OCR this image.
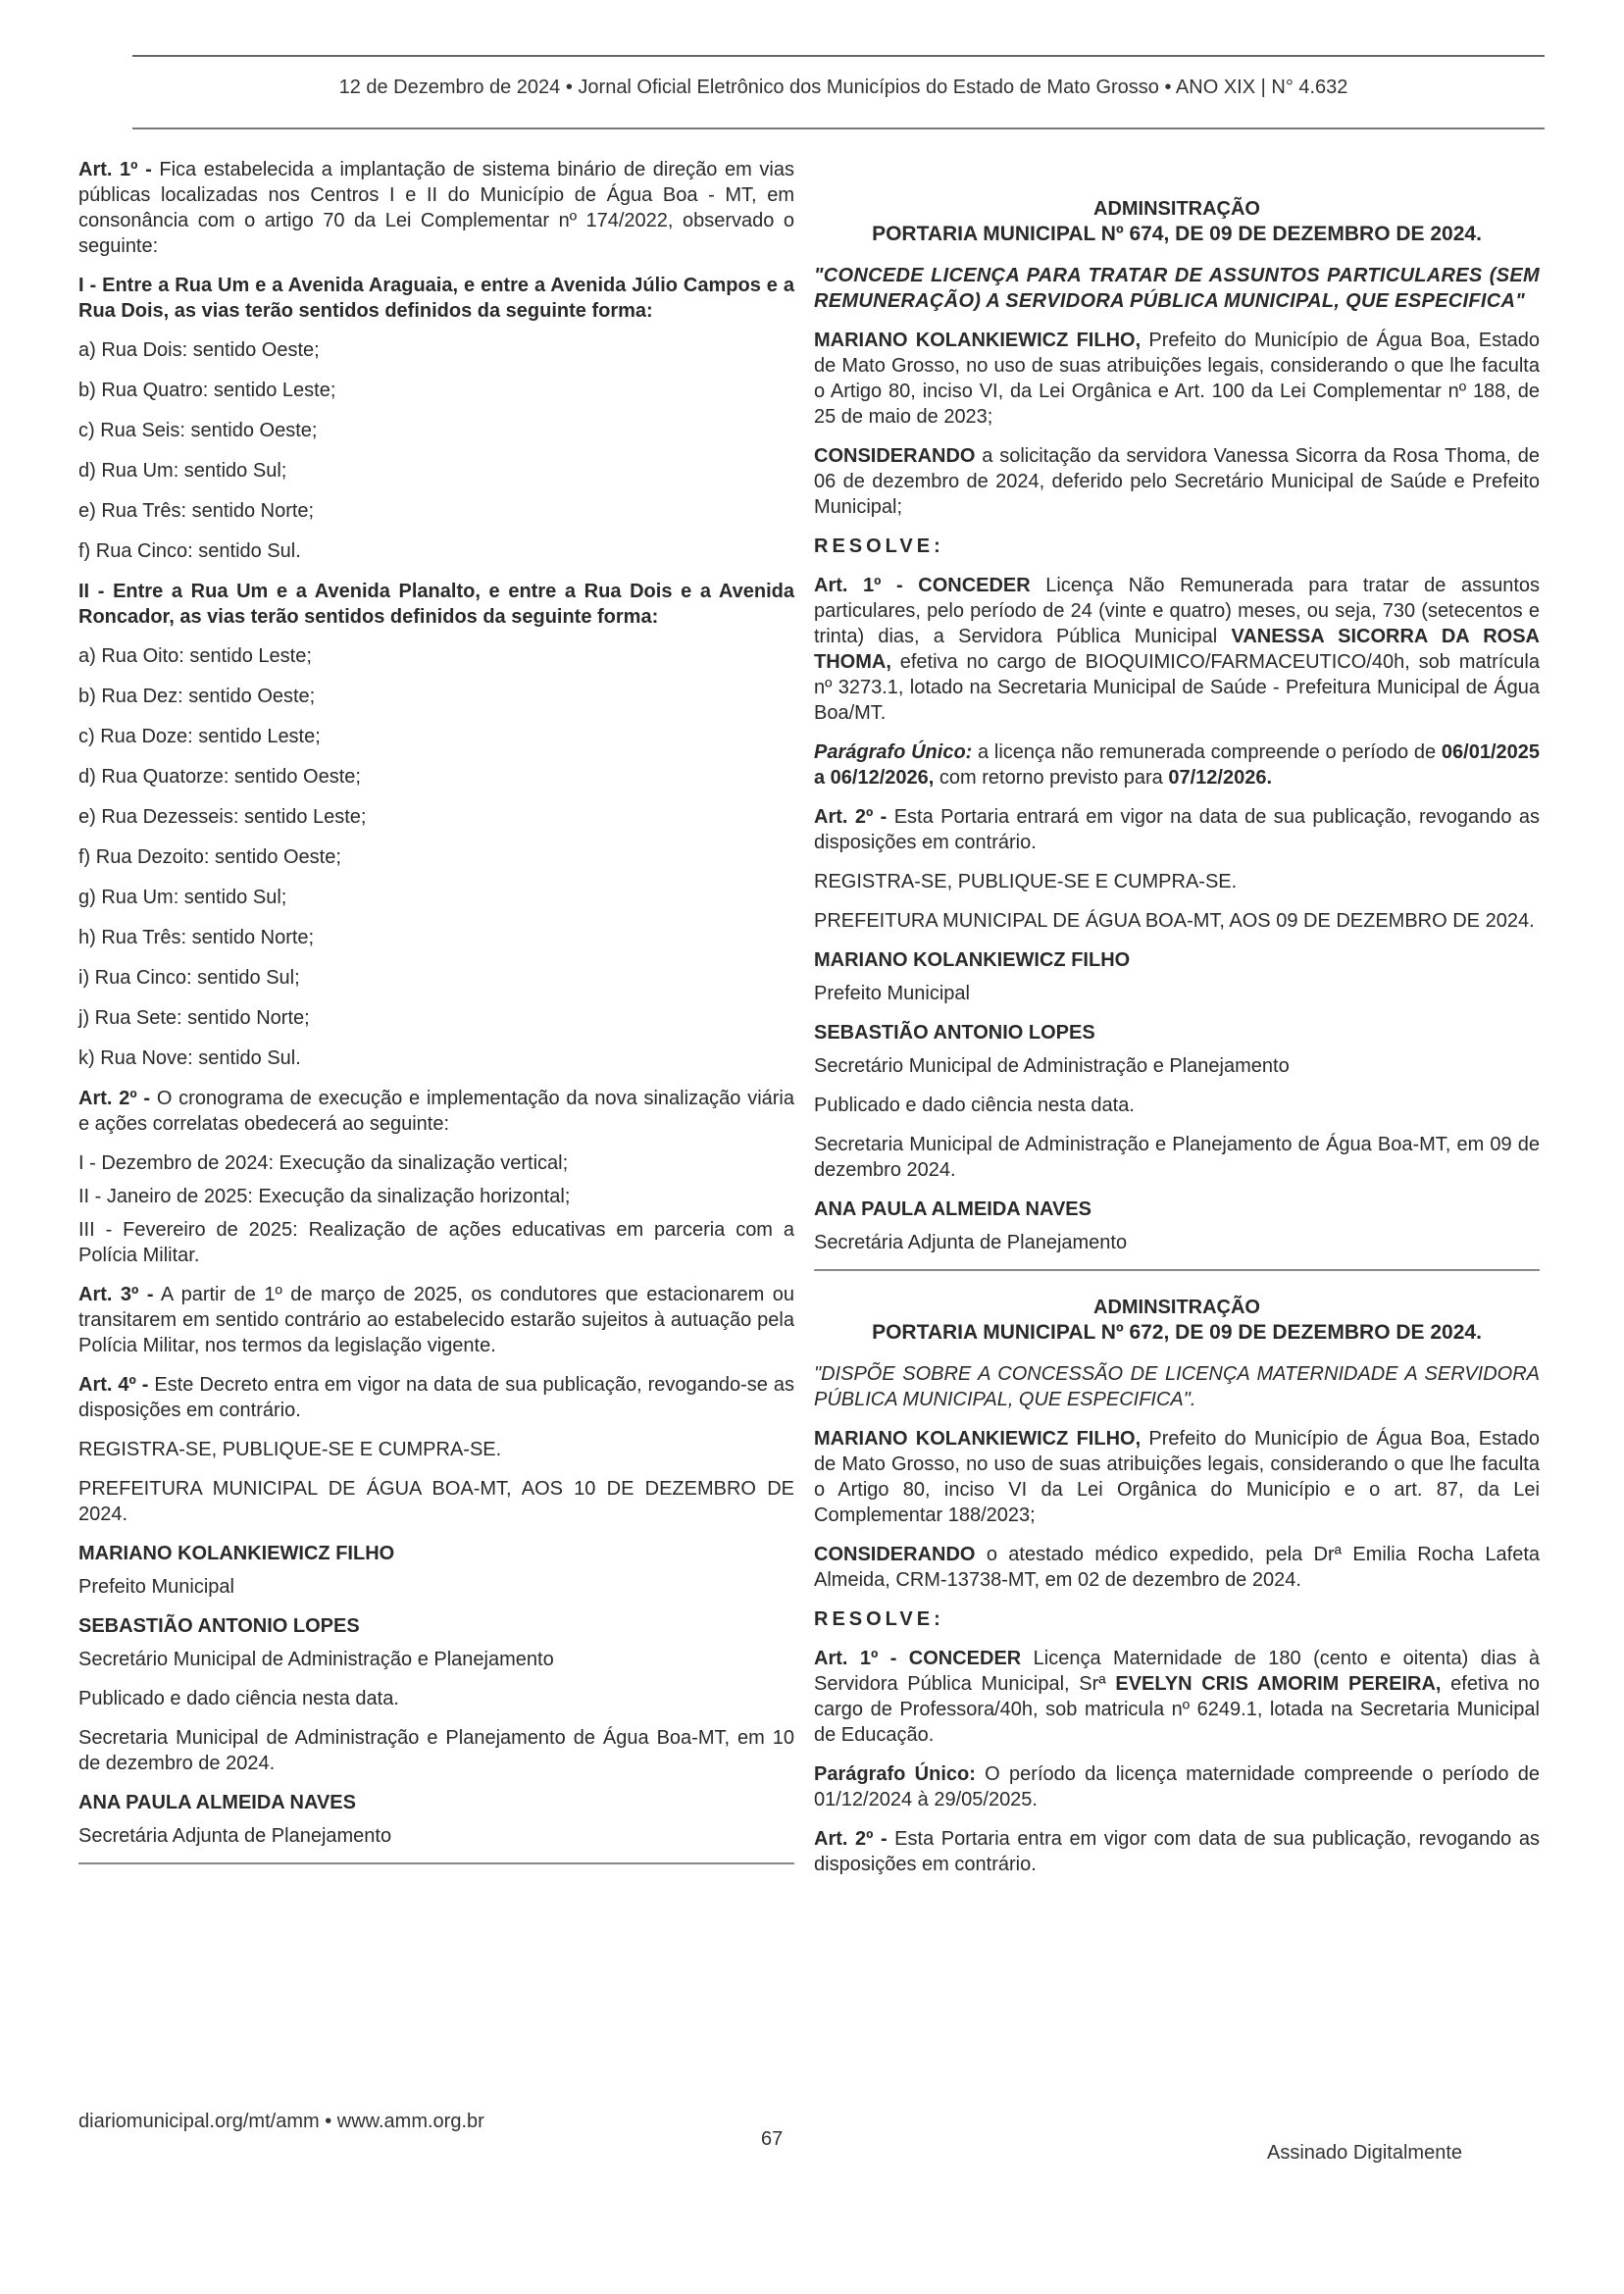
12 de Dezembro de 2024 • Jornal Oficial Eletrônico dos Municípios do Estado de Mato Grosso • ANO XIX | N° 4.632

Art. 1º - Fica estabelecida a implantação de sistema binário de direção em vias públicas localizadas nos Centros I e II do Município de Água Boa - MT, em consonância com o artigo 70 da Lei Complementar nº 174/2022, observado o seguinte:

I - Entre a Rua Um e a Avenida Araguaia, e entre a Avenida Júlio Campos e a Rua Dois, as vias terão sentidos definidos da seguinte forma:

a) Rua Dois: sentido Oeste;

b) Rua Quatro: sentido Leste;

c) Rua Seis: sentido Oeste;

d) Rua Um: sentido Sul;

e) Rua Três: sentido Norte;

f) Rua Cinco: sentido Sul.

II - Entre a Rua Um e a Avenida Planalto, e entre a Rua Dois e a Avenida Roncador, as vias terão sentidos definidos da seguinte forma:

a) Rua Oito: sentido Leste;

b) Rua Dez: sentido Oeste;

c) Rua Doze: sentido Leste;

d) Rua Quatorze: sentido Oeste;

e) Rua Dezesseis: sentido Leste;

f) Rua Dezoito: sentido Oeste;

g) Rua Um: sentido Sul;

h) Rua Três: sentido Norte;

i) Rua Cinco: sentido Sul;

j) Rua Sete: sentido Norte;

k) Rua Nove: sentido Sul.

Art. 2º - O cronograma de execução e implementação da nova sinalização viária e ações correlatas obedecerá ao seguinte:

I - Dezembro de 2024: Execução da sinalização vertical;

II - Janeiro de 2025: Execução da sinalização horizontal;

III - Fevereiro de 2025: Realização de ações educativas em parceria com a Polícia Militar.

Art. 3º - A partir de 1º de março de 2025, os condutores que estacionarem ou transitarem em sentido contrário ao estabelecido estarão sujeitos à autuação pela Polícia Militar, nos termos da legislação vigente.

Art. 4º - Este Decreto entra em vigor na data de sua publicação, revogando-se as disposições em contrário.

REGISTRA-SE, PUBLIQUE-SE E CUMPRA-SE.

PREFEITURA MUNICIPAL DE ÁGUA BOA-MT, AOS 10 DE DEZEMBRO DE 2024.

MARIANO KOLANKIEWICZ FILHO

Prefeito Municipal

SEBASTIÃO ANTONIO LOPES

Secretário Municipal de Administração e Planejamento

Publicado e dado ciência nesta data.

Secretaria Municipal de Administração e Planejamento de Água Boa-MT, em 10 de dezembro de 2024.

ANA PAULA ALMEIDA NAVES

Secretária Adjunta de Planejamento

ADMINSITRAÇÃO

PORTARIA MUNICIPAL Nº 674, DE 09 DE DEZEMBRO DE 2024.

"CONCEDE LICENÇA PARA TRATAR DE ASSUNTOS PARTICULARES (SEM REMUNERAÇÃO) A SERVIDORA PÚBLICA MUNICIPAL, QUE ESPECIFICA"

MARIANO KOLANKIEWICZ FILHO, Prefeito do Município de Água Boa, Estado de Mato Grosso, no uso de suas atribuições legais, considerando o que lhe faculta o Artigo 80, inciso VI, da Lei Orgânica e Art. 100 da Lei Complementar nº 188, de 25 de maio de 2023;

CONSIDERANDO a solicitação da servidora Vanessa Sicorra da Rosa Thoma, de 06 de dezembro de 2024, deferido pelo Secretário Municipal de Saúde e Prefeito Municipal;

RESOLVE:

Art. 1º - CONCEDER Licença Não Remunerada para tratar de assuntos particulares, pelo período de 24 (vinte e quatro) meses, ou seja, 730 (setecentos e trinta) dias, a Servidora Pública Municipal VANESSA SICORRA DA ROSA THOMA, efetiva no cargo de BIOQUIMICO/FARMACEUTICO/40h, sob matrícula nº 3273.1, lotado na Secretaria Municipal de Saúde - Prefeitura Municipal de Água Boa/MT.

Parágrafo Único: a licença não remunerada compreende o período de 06/01/2025 a 06/12/2026, com retorno previsto para 07/12/2026.

Art. 2º - Esta Portaria entrará em vigor na data de sua publicação, revogando as disposições em contrário.

REGISTRA-SE, PUBLIQUE-SE E CUMPRA-SE.

PREFEITURA MUNICIPAL DE ÁGUA BOA-MT, AOS 09 DE DEZEMBRO DE 2024.

MARIANO KOLANKIEWICZ FILHO

Prefeito Municipal

SEBASTIÃO ANTONIO LOPES

Secretário Municipal de Administração e Planejamento

Publicado e dado ciência nesta data.

Secretaria Municipal de Administração e Planejamento de Água Boa-MT, em 09 de dezembro 2024.

ANA PAULA ALMEIDA NAVES

Secretária Adjunta de Planejamento

ADMINSITRAÇÃO

PORTARIA MUNICIPAL Nº 672, DE 09 DE DEZEMBRO DE 2024.

"DISPÕE SOBRE A CONCESSÃO DE LICENÇA MATERNIDADE A SERVIDORA PÚBLICA MUNICIPAL, QUE ESPECIFICA".

MARIANO KOLANKIEWICZ FILHO, Prefeito do Município de Água Boa, Estado de Mato Grosso, no uso de suas atribuições legais, considerando o que lhe faculta o Artigo 80, inciso VI da Lei Orgânica do Município e o art. 87, da Lei Complementar 188/2023;

CONSIDERANDO o atestado médico expedido, pela Drª Emilia Rocha Lafeta Almeida, CRM-13738-MT, em 02 de dezembro de 2024.

RESOLVE:

Art. 1º - CONCEDER Licença Maternidade de 180 (cento e oitenta) dias à Servidora Pública Municipal, Srª EVELYN CRIS AMORIM PEREIRA, efetiva no cargo de Professora/40h, sob matricula nº 6249.1, lotada na Secretaria Municipal de Educação.

Parágrafo Único: O período da licença maternidade compreende o período de 01/12/2024 à 29/05/2025.

Art. 2º - Esta Portaria entra em vigor com data de sua publicação, revogando as disposições em contrário.

diariomunicipal.org/mt/amm • www.amm.org.br
67
Assinado Digitalmente
